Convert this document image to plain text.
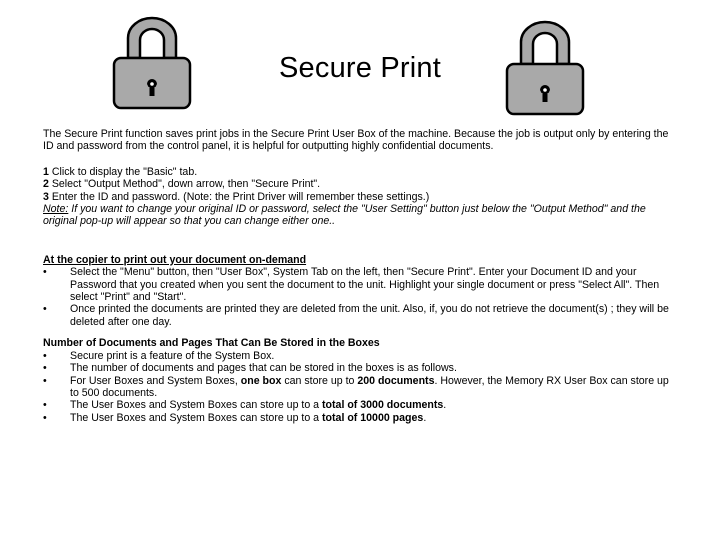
Secure Print

The Secure Print function saves print jobs in the Secure Print User Box of the machine. Because the job is output only by entering the ID and password from the control panel, it is helpful for outputting highly confidential documents.

1 Click to display the "Basic" tab.

2 Select "Output Method", down arrow, then "Secure Print".

3 Enter the ID and password. (Note: the Print Driver will remember these settings.)

Note: If you want to change your original ID or password, select the "User Setting" button just below the "Output Method" and the original pop-up will appear so that you can change either one..

At the copier to print out your document on-demand

• Select the "Menu" button, then "User Box", System Tab on the left, then "Secure Print". Enter your Document ID and your Password that you created when you sent the document to the unit. Highlight your single document or press "Select All". Then select "Print" and "Start".
• Once printed the documents are printed they are deleted from the unit. Also, if, you do not retrieve the document(s) ; they will be deleted after one day.

Number of Documents and Pages That Can Be Stored in the Boxes

• Secure print is a feature of the System Box.
• The number of documents and pages that can be stored in the boxes is as follows.
• For User Boxes and System Boxes, one box can store up to 200 documents. However, the Memory RX User Box can store up to 500 documents.
• The User Boxes and System Boxes can store up to a total of 3000 documents.
• The User Boxes and System Boxes can store up to a total of 10000 pages.
